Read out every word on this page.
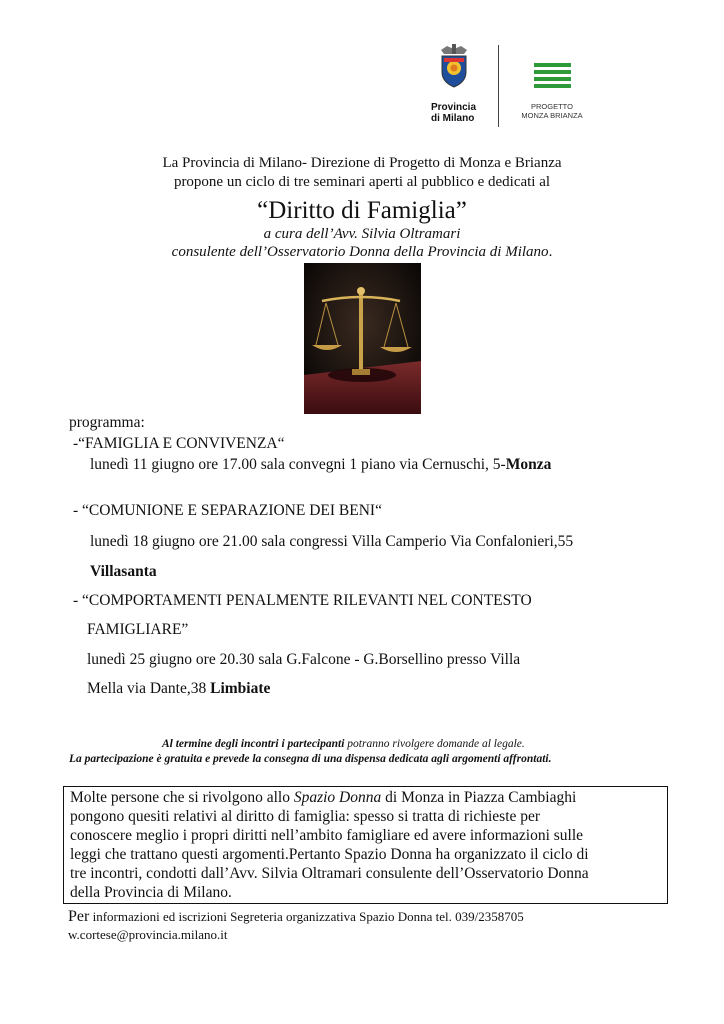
Provincia
di Milano
PROGETTO
MONZA BRIANZA
La Provincia di Milano- Direzione di Progetto di Monza e Brianza
propone un ciclo di tre seminari aperti al pubblico e dedicati al
“Diritto di Famiglia”
a cura dell’Avv. Silvia Oltramari
consulente dell’Osservatorio Donna della Provincia di Milano.
programma:
-“FAMIGLIA E CONVIVENZA“
lunedì 11 giugno ore 17.00 sala convegni 1 piano via Cernuschi, 5-Monza
- “COMUNIONE E SEPARAZIONE DEI BENI“
lunedì 18 giugno ore 21.00 sala congressi Villa Camperio Via Confalonieri,55
Villasanta
- “COMPORTAMENTI PENALMENTE RILEVANTI NEL CONTESTO
FAMIGLIARE”
lunedì 25 giugno ore 20.30 sala G.Falcone - G.Borsellino presso Villa
Mella via Dante,38 Limbiate
Al termine degli incontri i partecipanti potranno rivolgere domande al legale.
La partecipazione è gratuita e prevede la consegna di una dispensa dedicata agli argomenti affrontati.
Molte persone che si rivolgono allo Spazio Donna di Monza in Piazza Cambiaghi
pongono quesiti relativi al diritto di famiglia: spesso si tratta di richieste per
conoscere meglio i propri diritti nell’ambito famigliare ed avere informazioni sulle
leggi che trattano questi argomenti.Pertanto Spazio Donna ha organizzato il ciclo di
tre incontri, condotti dall’Avv. Silvia Oltramari consulente dell’Osservatorio Donna
della Provincia di Milano.
Per informazioni ed iscrizioni Segreteria organizzativa Spazio Donna tel. 039/2358705
w.cortese@provincia.milano.it
